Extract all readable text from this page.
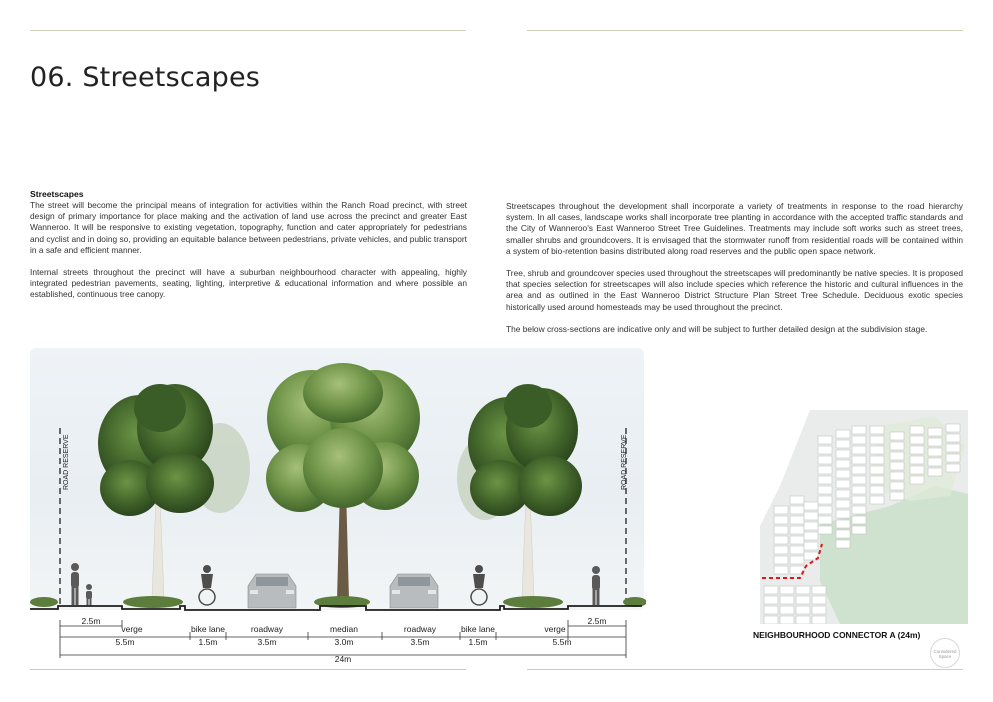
06. Streetscapes
Streetscapes

The street will become the principal means of integration for activities within the Ranch Road precinct, with street design of primary importance for place making and the activation of land use across the precinct and greater East Wanneroo. It will be responsive to existing vegetation, topography, function and cater appropriately for pedestrians and cyclist and in doing so, providing an equitable balance between pedestrians, private vehicles, and public transport in a safe and efficient manner.

Internal streets throughout the precinct will have a suburban neighbourhood character with appealing, highly integrated pedestrian pavements, seating, lighting, interpretive & educational information and where possible an established, continuous tree canopy.

Streetscapes throughout the development shall incorporate a variety of treatments in response to the road hierarchy system. In all cases, landscape works shall incorporate tree planting in accordance with the accepted traffic standards and the City of Wanneroo's East Wanneroo Street Tree Guidelines. Treatments may include soft works such as street trees, smaller shrubs and groundcovers. It is envisaged that the stormwater runoff from residential roads will be contained within a system of bio-retention basins distributed along road reserves and the public open space network.

Tree, shrub and groundcover species used throughout the streetscapes will predominantly be native species. It is proposed that species selection for streetscapes will also include species which reference the historic and cultural influences in the area and as outlined in the East Wanneroo District Structure Plan Street Tree Schedule. Deciduous exotic species historically used around homesteads may be used throughout the precinct.

The below cross-sections are indicative only and will be subject to further detailed design at the subdivision stage.

ROAD RESERVE	ROAD RESERVE
2.5m	2.5m
verge
5.5m
bike lane
1.5m
roadway
3.5m
median
3.0m
roadway
3.5m
bike lane
1.5m
verge
5.5m
24m
NEIGHBOURHOOD CONNECTOR A (24m)
Considered
Space
